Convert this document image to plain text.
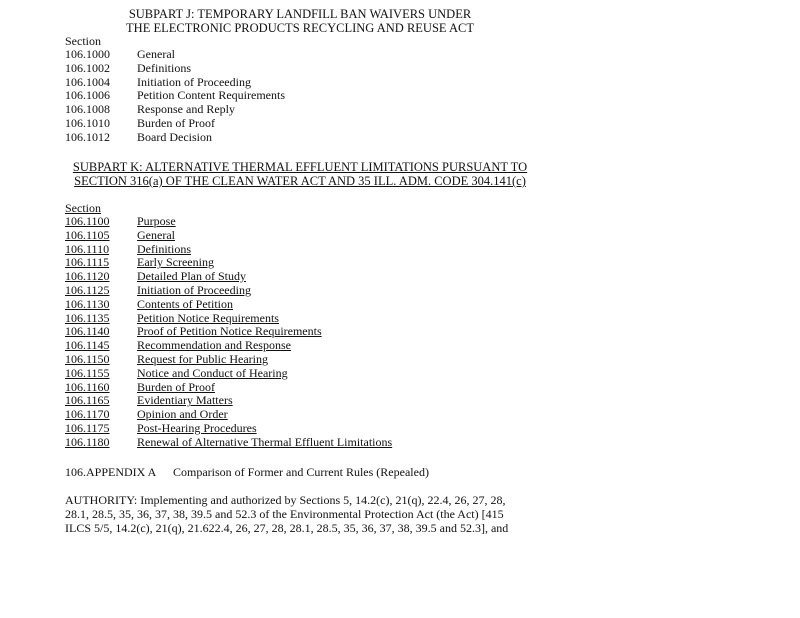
SUBPART J: TEMPORARY LANDFILL BAN WAIVERS UNDER
THE ELECTRONIC PRODUCTS RECYCLING AND REUSE ACT
Section
106.1000	General
106.1002	Definitions
106.1004	Initiation of Proceeding
106.1006	Petition Content Requirements
106.1008	Response and Reply
106.1010	Burden of Proof
106.1012	Board Decision
SUBPART K: ALTERNATIVE THERMAL EFFLUENT LIMITATIONS PURSUANT TO
SECTION 316(a) OF THE CLEAN WATER ACT AND 35 ILL. ADM. CODE 304.141(c)
Section
106.1100	Purpose
106.1105	General
106.1110	Definitions
106.1115	Early Screening
106.1120	Detailed Plan of Study
106.1125	Initiation of Proceeding
106.1130	Contents of Petition
106.1135	Petition Notice Requirements
106.1140	Proof of Petition Notice Requirements
106.1145	Recommendation and Response
106.1150	Request for Public Hearing
106.1155	Notice and Conduct of Hearing
106.1160	Burden of Proof
106.1165	Evidentiary Matters
106.1170	Opinion and Order
106.1175	Post-Hearing Procedures
106.1180	Renewal of Alternative Thermal Effluent Limitations
106.APPENDIX A Comparison of Former and Current Rules (Repealed)
AUTHORITY: Implementing and authorized by Sections 5, 14.2(c), 21(q), 22.4, 26, 27, 28,
28.1, 28.5, 35, 36, 37, 38, 39.5 and 52.3 of the Environmental Protection Act (the Act) [415
ILCS 5/5, 14.2(c), 21(q), 21.622.4, 26, 27, 28, 28.1, 28.5, 35, 36, 37, 38, 39.5 and 52.3], and
